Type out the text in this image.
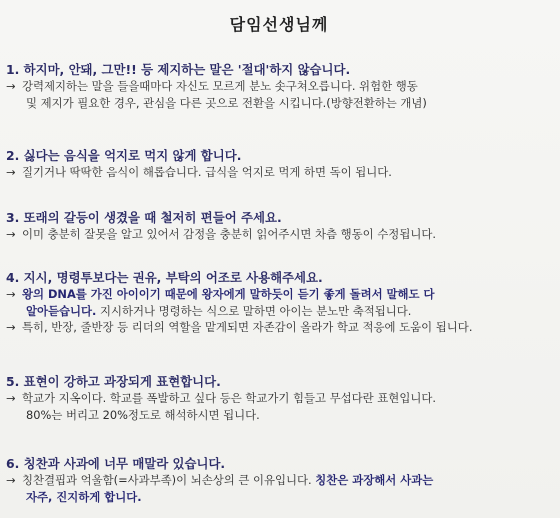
담임선생님께
1. 하지마, 안돼, 그만!! 등 제지하는 말은 '절대'하지 않습니다.
→ 강력제지하는 말을 들을때마다 자신도 모르게 분노 솟구쳐오릅니다. 위험한 행동
및 제지가 필요한 경우, 관심을 다른 곳으로 전환을 시킵니다.(방향전환하는 개념)
2. 싫다는 음식을 억지로 먹지 않게 합니다.
→ 질기거나 딱딱한 음식이 해롭습니다. 급식을 억지로 먹게 하면 독이 됩니다.
3. 또래의 갈등이 생겼을 때 철저히 편들어 주세요.
→ 이미 충분히 잘못을 알고 있어서 감정을 충분히 읽어주시면 차츰 행동이 수정됩니다.
4. 지시, 명령투보다는 권유, 부탁의 어조로 사용해주세요.
→ 왕의 DNA를 가진 아이이기 때문에 왕자에게 말하듯이 듣기 좋게 돌려서 말해도 다
알아듣습니다. 지시하거나 명령하는 식으로 말하면 아이는 분노만 축적됩니다.
→ 특히, 반장, 줄반장 등 리더의 역할을 맡게되면 자존감이 올라가 학교 적응에 도움이 됩니다.
5. 표현이 강하고 과장되게 표현합니다.
→ 학교가 지옥이다. 학교를 폭발하고 싶다 등은 학교가기 힘들고 무섭다란 표현입니다.
80%는 버리고 20%정도로 해석하시면 됩니다.
6. 칭찬과 사과에 너무 매말라 있습니다.
→ 칭찬결핍과 억울함(=사과부족)이 뇌손상의 큰 이유입니다. 칭찬은 과장해서 사과는
자주, 진지하게 합니다.
